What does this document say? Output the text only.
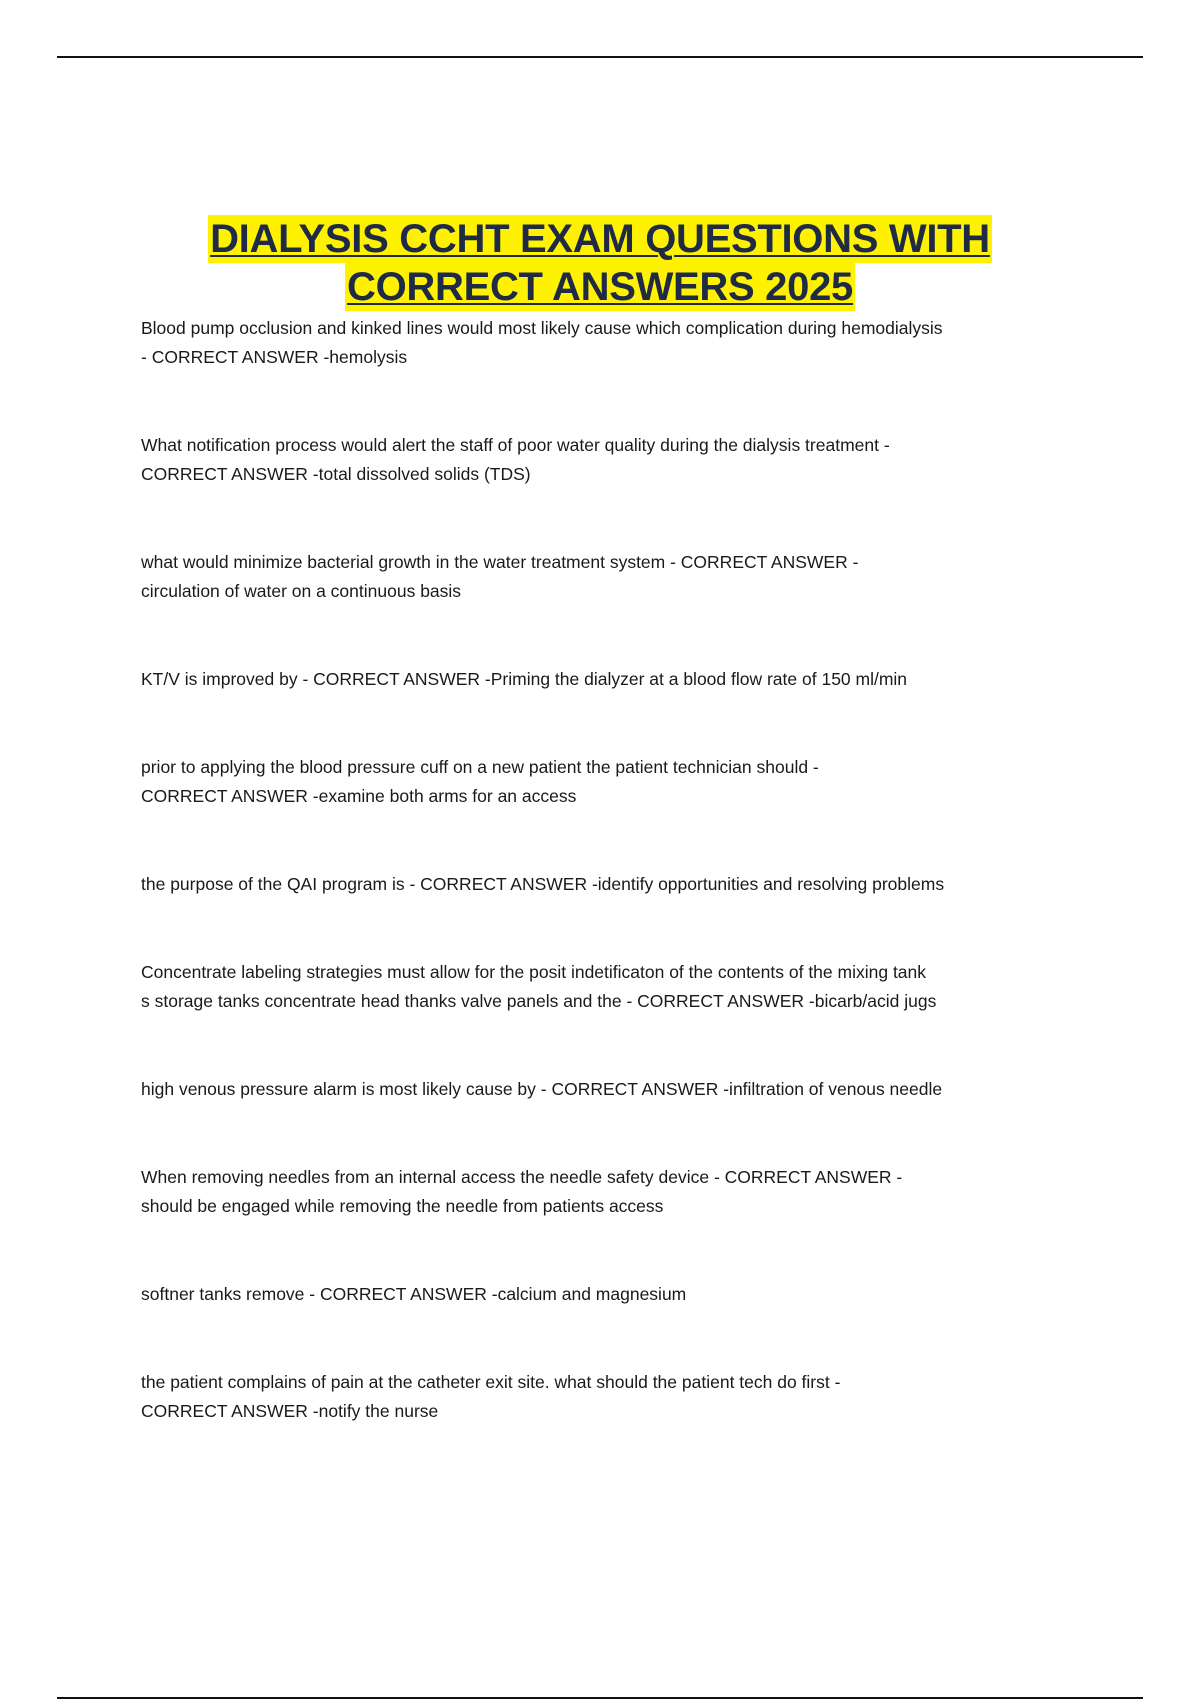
DIALYSIS CCHT EXAM QUESTIONS WITH
CORRECT ANSWERS 2025
Blood pump occlusion and kinked lines would most likely cause which complication during hemodialysis
- CORRECT ANSWER -hemolysis
What notification process would alert the staff of poor water quality during the dialysis treatment -
CORRECT ANSWER -total dissolved solids (TDS)
what would minimize bacterial growth in the water treatment system - CORRECT ANSWER -
circulation of water on a continuous basis
KT/V is improved by - CORRECT ANSWER -Priming the dialyzer at a blood flow rate of 150 ml/min
prior to applying the blood pressure cuff on a new patient the patient technician should -
CORRECT ANSWER -examine both arms for an access
the purpose of the QAI program is - CORRECT ANSWER -identify opportunities and resolving problems
Concentrate labeling strategies must allow for the posit indetificaton of the contents of the mixing tank
s storage tanks concentrate head thanks valve panels and the - CORRECT ANSWER -bicarb/acid jugs
high venous pressure alarm is most likely cause by - CORRECT ANSWER -infiltration of venous needle
When removing needles from an internal access the needle safety device - CORRECT ANSWER -
should be engaged while removing the needle from patients access
softner tanks remove - CORRECT ANSWER -calcium and magnesium
the patient complains of pain at the catheter exit site. what should the patient tech do first -
CORRECT ANSWER -notify the nurse
